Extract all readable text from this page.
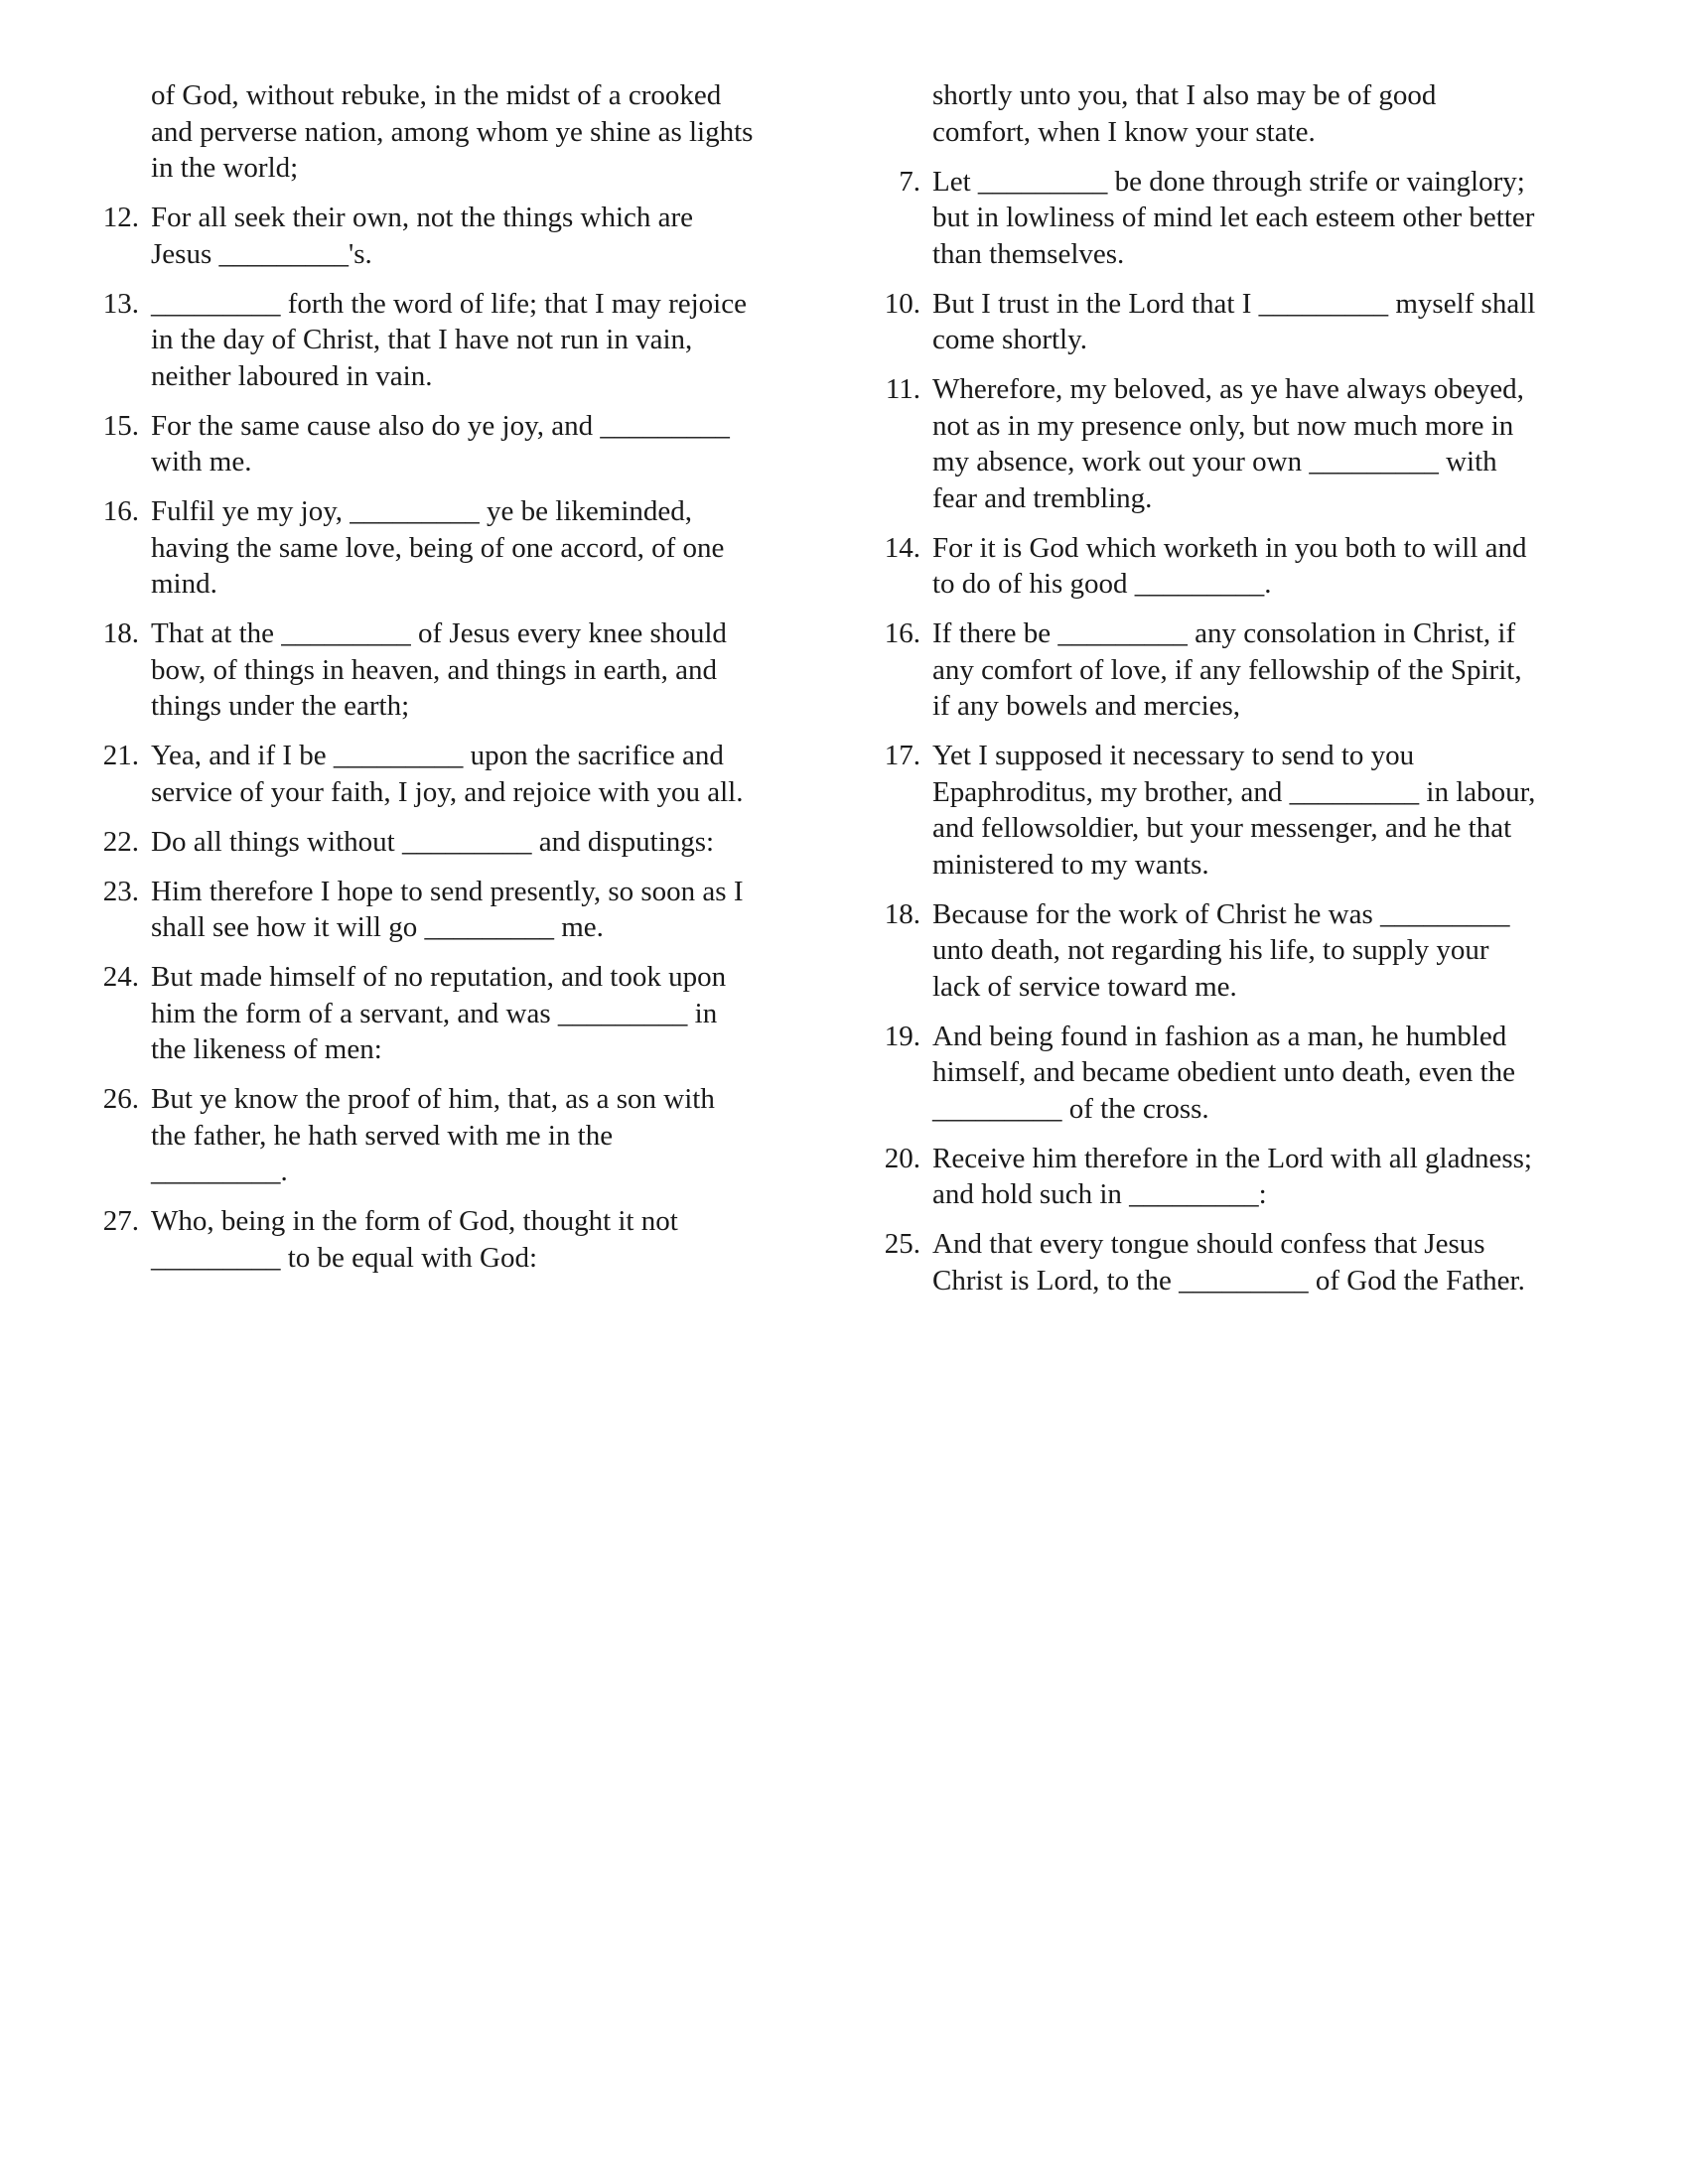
of God, without rebuke, in the midst of a crooked and perverse nation, among whom ye shine as lights in the world;
12. For all seek their own, not the things which are Jesus _________'s.
13. _________ forth the word of life; that I may rejoice in the day of Christ, that I have not run in vain, neither laboured in vain.
15. For the same cause also do ye joy, and _________ with me.
16. Fulfil ye my joy, _________ ye be likeminded, having the same love, being of one accord, of one mind.
18. That at the _________ of Jesus every knee should bow, of things in heaven, and things in earth, and things under the earth;
21. Yea, and if I be _________ upon the sacrifice and service of your faith, I joy, and rejoice with you all.
22. Do all things without _________ and disputings:
23. Him therefore I hope to send presently, so soon as I shall see how it will go _________ me.
24. But made himself of no reputation, and took upon him the form of a servant, and was _________ in the likeness of men:
26. But ye know the proof of him, that, as a son with the father, he hath served with me in the _________.
27. Who, being in the form of God, thought it not _________ to be equal with God:
shortly unto you, that I also may be of good comfort, when I know your state.
7. Let _________ be done through strife or vainglory; but in lowliness of mind let each esteem other better than themselves.
10. But I trust in the Lord that I _________ myself shall come shortly.
11. Wherefore, my beloved, as ye have always obeyed, not as in my presence only, but now much more in my absence, work out your own _________ with fear and trembling.
14. For it is God which worketh in you both to will and to do of his good _________.
16. If there be _________ any consolation in Christ, if any comfort of love, if any fellowship of the Spirit, if any bowels and mercies,
17. Yet I supposed it necessary to send to you Epaphroditus, my brother, and _________ in labour, and fellowsoldier, but your messenger, and he that ministered to my wants.
18. Because for the work of Christ he was _________ unto death, not regarding his life, to supply your lack of service toward me.
19. And being found in fashion as a man, he humbled himself, and became obedient unto death, even the _________ of the cross.
20. Receive him therefore in the Lord with all gladness; and hold such in _________:
25. And that every tongue should confess that Jesus Christ is Lord, to the _________ of God the Father.
